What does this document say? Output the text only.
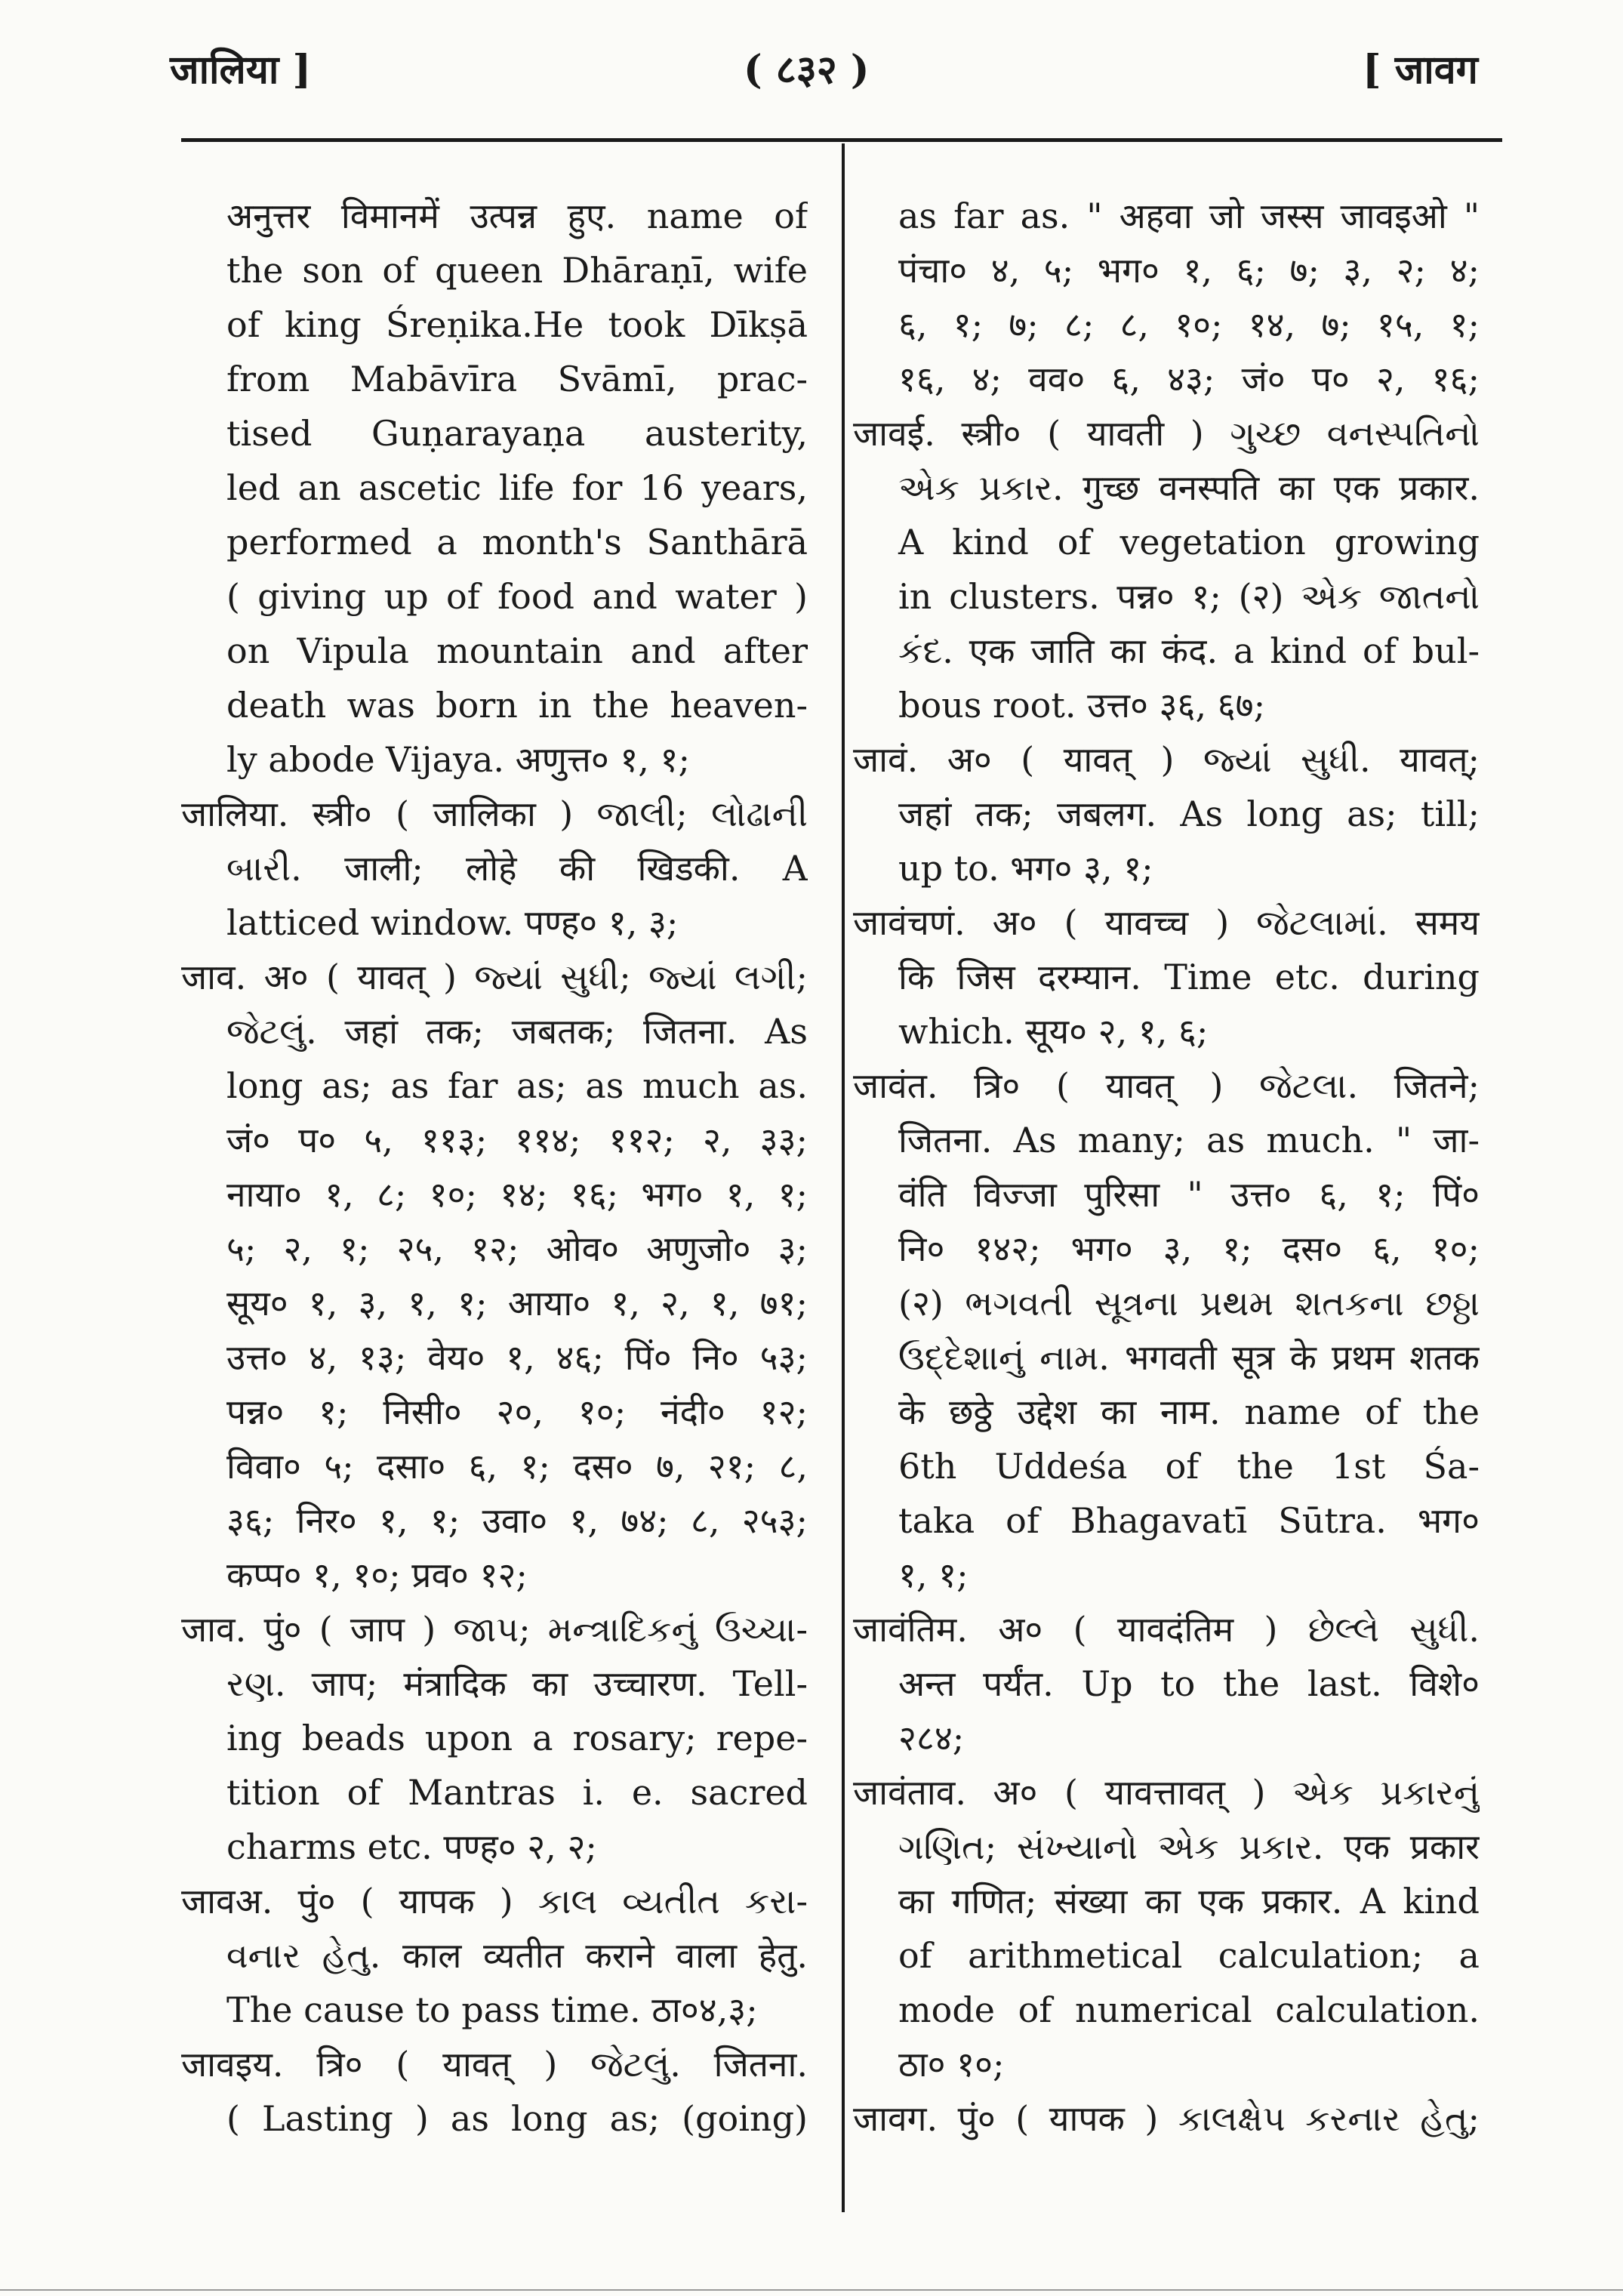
जालिया ]	( ८३२ )	[ जावग
अनुत्तर विमानमें उत्पन्न हुए. name of
the son of queen Dhāraṇī, wife
of king Śreṇika.He took Dīkṣā
from Mabāvīra Svāmī, prac-
tised Guṇarayaṇa austerity,
led an ascetic life for 16 years,
performed a month's Santhārā
( giving up of food and water )
on Vipula mountain and after
death was born in the heaven-
ly abode Vijaya. अणुत्त० १, १;
जालिया. स्त्री० ( जालिका ) જાલી; લોઢાની
બારી. जाली; लोहे की खिडकी. A
latticed window. पण्ह० १, ३;
जाव. अ० ( यावत् ) જ્યાં સુધી; જ્યાં લગી;
જેટલું. जहां तक; जबतक; जितना. As
long as; as far as; as much as.
जं० प० ५, ११३; ११४; ११२; २, ३३;
नाया० १, ८; १०; १४; १६; भग० १, १;
५; २, १; २५, १२; ओव० अणुजो० ३;
सूय० १, ३, १, १; आया० १, २, १, ७१;
उत्त० ४, १३; वेय० १, ४६; पिं० नि० ५३;
पन्न० १; निसी० २०, १०; नंदी० १२;
विवा० ५; दसा० ६, १; दस० ७, २१; ८,
३६; निर० १, १; उवा० १, ७४; ८, २५३;
कप्प० १, १०; प्रव० १२;
जाव. पुं० ( जाप ) જાપ; મન્ત્રાદિકનું ઉચ્ચા-
રણ. जाप; मंत्रादिक का उच्चारण. Tell-
ing beads upon a rosary; repe-
tition of Mantras i. e. sacred
charms etc. पण्ह० २, २;
जावअ. पुं० ( यापक ) કાલ વ્યતીત કરા-
વનાર હેતુ. काल व्यतीत कराने वाला हेतु.
The cause to pass time. ठा०४,३;
जावइय. त्रि० ( यावत् ) જેટલું. जितना.
( Lasting ) as long as; (going)
as far as. " अहवा जो जस्स जावइओ "
पंचा० ४, ५; भग० १, ६; ७; ३, २; ४;
६, १; ७; ८; ८, १०; १४, ७; १५, १;
१६, ४; वव० ६, ४३; जं० प० २, १६;
जावई. स्त्री० ( यावती ) ગુચ્છ વનસ્પતિનો
એક પ્રકાર. गुच्छ वनस्पति का एक प्रकार.
A kind of vegetation growing
in clusters. पन्न० १; (२) એક જાતનો
કંદ. एक जाति का कंद. a kind of bul-
bous root. उत्त० ३६, ६७;
जावं. अ० ( यावत् ) જ્યાં સુધી. यावत्;
जहां तक; जबलग. As long as; till;
up to. भग० ३, १;
जावंचणं. अ० ( यावच्च ) જેટલામાં. समय
कि जिस दरम्यान. Time etc. during
which. सूय० २, १, ६;
जावंत. त्रि० ( यावत् ) જેટલા. जितने;
जितना. As many; as much. " जा-
वंति विज्जा पुरिसा " उत्त० ६, १; पिं०
नि० १४२; भग० ३, १; दस० ६, १०;
(२) ભગવતી સૂત્રના પ્રથમ શતકના છઠ્ઠા
ઉદ્દેશાનું નામ. भगवती सूत्र के प्रथम शतक
के छठ्ठे उद्देश का नाम. name of the
6th Uddeśa of the 1st Śa-
taka of Bhagavatī Sūtra. भग०
१, १;
जावंतिम. अ० ( यावदंतिम ) છેલ્લે સુધી.
अन्त पर्यंत. Up to the last. विशे०
२८४;
जावंताव. अ० ( यावत्तावत् ) એક પ્રકારનું
ગણિત; સંખ્યાનો એક પ્રકાર. एक प्रकार
का गणित; संख्या का एक प्रकार. A kind
of arithmetical calculation; a
mode of numerical calculation.
ठा० १०;
जावग. पुं० ( यापक ) કાલક્ષેપ કરનાર હેતુ;
